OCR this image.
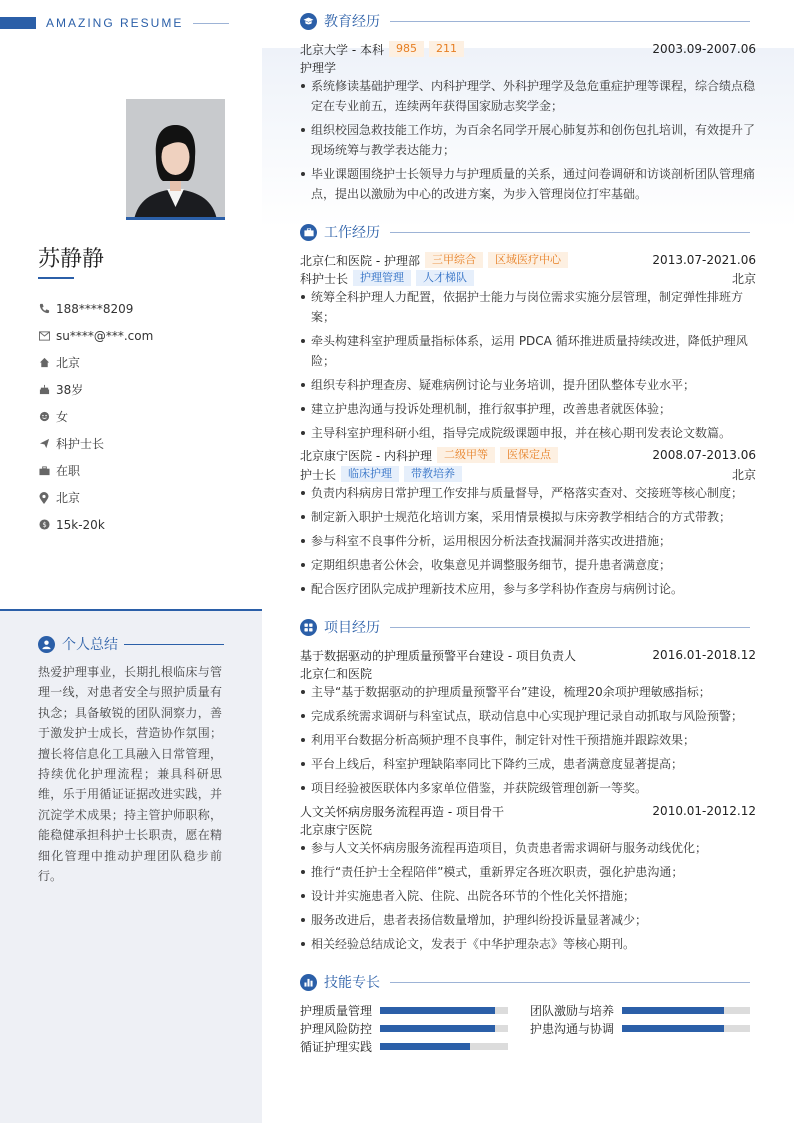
AMAZING RESUME
苏静静
188****8209
su****@***.com
北京
38岁
女
科护士长
在职
北京
$ 15k-20k
个人总结
热爱护理事业，长期扎根临床与管理一线，对患者安全与照护质量有执念；具备敏锐的团队洞察力，善于激发护士成长，营造协作氛围；擅长将信息化工具融入日常管理，持续优化护理流程；兼具科研思维，乐于用循证证据改进实践，并沉淀学术成果；持主管护师职称，能稳健承担科护士长职责，愿在精细化管理中推动护理团队稳步前行。
教育经历
北京大学 - 本科	985	211	2003.09-2007.06
护理学
系统修读基础护理学、内科护理学、外科护理学及急危重症护理等课程，综合绩点稳定在专业前五，连续两年获得国家励志奖学金；
组织校园急救技能工作坊，为百余名同学开展心肺复苏和创伤包扎培训，有效提升了现场统筹与教学表达能力；
毕业课题围绕护士长领导力与护理质量的关系，通过问卷调研和访谈剖析团队管理痛点，提出以激励为中心的改进方案，为步入管理岗位打牢基础。
工作经历
北京仁和医院 - 护理部	三甲综合	区域医疗中心	2013.07-2021.06
科护士长	护理管理	人才梯队	北京
统筹全科护理人力配置，依据护士能力与岗位需求实施分层管理，制定弹性排班方案；
牵头构建科室护理质量指标体系，运用 PDCA 循环推进质量持续改进，降低护理风险；
组织专科护理查房、疑难病例讨论与业务培训，提升团队整体专业水平；
建立护患沟通与投诉处理机制，推行叙事护理，改善患者就医体验；
主导科室护理科研小组，指导完成院级课题申报，并在核心期刊发表论文数篇。
北京康宁医院 - 内科护理	二级甲等	医保定点	2008.07-2013.06
护士长	临床护理	带教培养	北京
负责内科病房日常护理工作安排与质量督导，严格落实查对、交接班等核心制度；
制定新入职护士规范化培训方案，采用情景模拟与床旁教学相结合的方式带教；
参与科室不良事件分析，运用根因分析法查找漏洞并落实改进措施；
定期组织患者公休会，收集意见并调整服务细节，提升患者满意度；
配合医疗团队完成护理新技术应用，参与多学科协作查房与病例讨论。
项目经历
基于数据驱动的护理质量预警平台建设 - 项目负责人	2016.01-2018.12
北京仁和医院
主导“基于数据驱动的护理质量预警平台”建设，梳理20余项护理敏感指标；
完成系统需求调研与科室试点，联动信息中心实现护理记录自动抓取与风险预警；
利用平台数据分析高频护理不良事件，制定针对性干预措施并跟踪效果；
平台上线后，科室护理缺陷率同比下降约三成，患者满意度显著提高；
项目经验被医联体内多家单位借鉴，并获院级管理创新一等奖。
人文关怀病房服务流程再造 - 项目骨干	2010.01-2012.12
北京康宁医院
参与人文关怀病房服务流程再造项目，负责患者需求调研与服务动线优化；
推行“责任护士全程陪伴”模式，重新界定各班次职责，强化护患沟通；
设计并实施患者入院、住院、出院各环节的个性化关怀措施；
服务改进后，患者表扬信数量增加，护理纠纷投诉量显著减少；
相关经验总结成论文，发表于《中华护理杂志》等核心期刊。
技能专长
护理质量管理	团队激励与培养
护理风险防控	护患沟通与协调
循证护理实践
